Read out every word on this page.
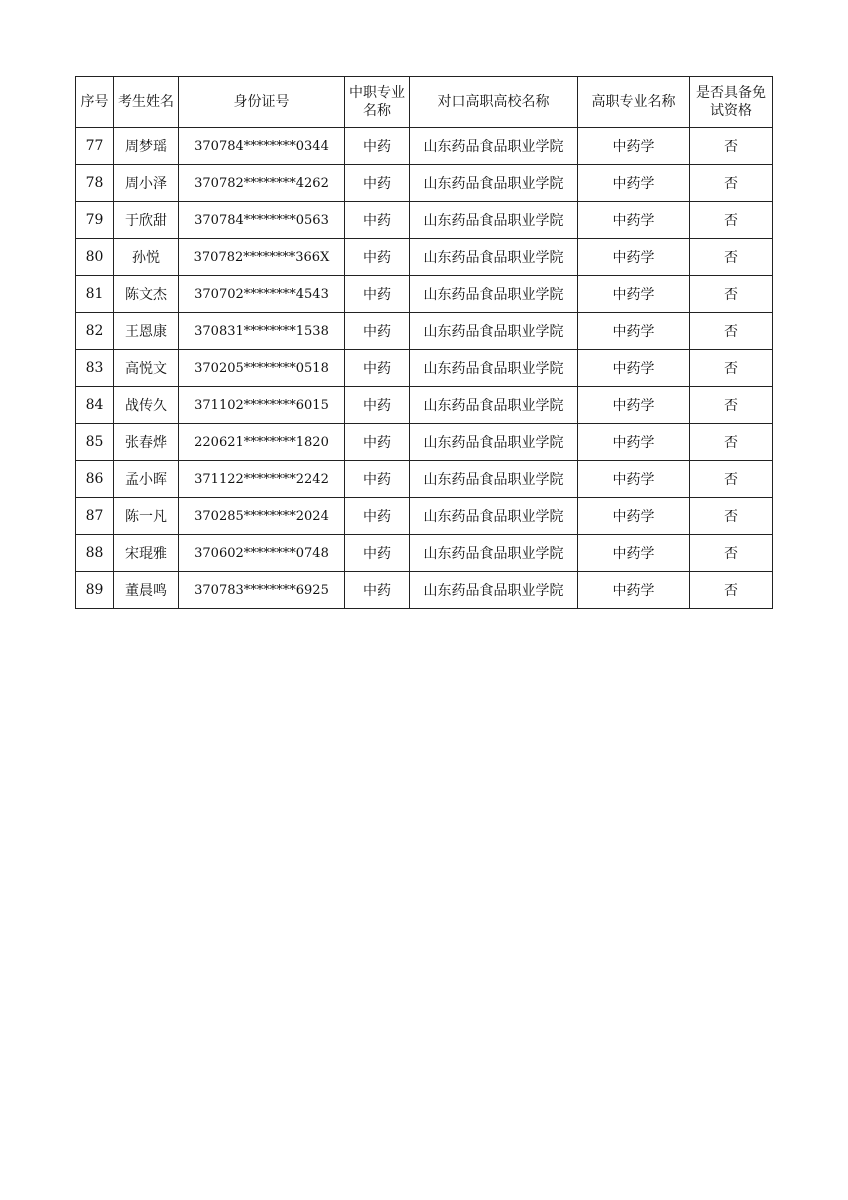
序号	考生姓名	身份证号	中职专业名称	对口高职高校名称	高职专业名称	是否具备免试资格

77	周梦瑶	370784********0344	中药	山东药品食品职业学院	中药学	否
78	周小泽	370782********4262	中药	山东药品食品职业学院	中药学	否
79	于欣甜	370784********0563	中药	山东药品食品职业学院	中药学	否
80	孙悦	370782********366X	中药	山东药品食品职业学院	中药学	否
81	陈文杰	370702********4543	中药	山东药品食品职业学院	中药学	否
82	王恩康	370831********1538	中药	山东药品食品职业学院	中药学	否
83	高悦文	370205********0518	中药	山东药品食品职业学院	中药学	否
84	战传久	371102********6015	中药	山东药品食品职业学院	中药学	否
85	张春烨	220621********1820	中药	山东药品食品职业学院	中药学	否
86	孟小晖	371122********2242	中药	山东药品食品职业学院	中药学	否
87	陈一凡	370285********2024	中药	山东药品食品职业学院	中药学	否
88	宋琨雅	370602********0748	中药	山东药品食品职业学院	中药学	否
89	董晨鸣	370783********6925	中药	山东药品食品职业学院	中药学	否
